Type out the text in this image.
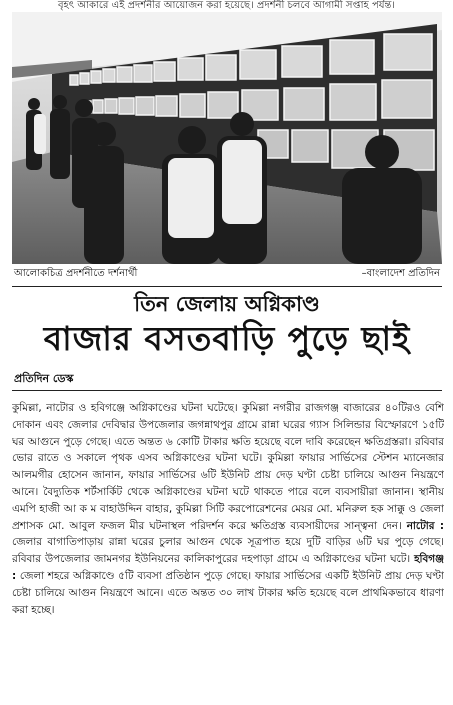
বৃহৎ আকারে এই প্রদর্শনীর আয়োজন করা হয়েছে। প্রদর্শনী চলবে আগামী সপ্তাহ পর্যন্ত।
আলোকচিত্র প্রদর্শনীতে দর্শনার্থী	–বাংলাদেশ প্রতিদিন
তিন জেলায় অগ্নিকাণ্ড
বাজার বসতবাড়ি পুড়ে ছাই
প্রতিদিন ডেস্ক

কুমিল্লা, নাটোর ও হবিগঞ্জে অগ্নিকাণ্ডের ঘটনা ঘটেছে। কুমিল্লা নগরীর রাজগঞ্জ বাজারের ৪০টিরও বেশি দোকান এবং জেলার দেবিদ্বার উপজেলার জগন্নাথপুর গ্রামে রান্না ঘরের গ্যাস সিলিন্ডার বিস্ফোরণে ১৫টি ঘর আগুনে পুড়ে গেছে। এতে অন্তত ৬ কোটি টাকার ক্ষতি হয়েছে বলে দাবি করেছেন ক্ষতিগ্রস্তরা। রবিবার ভোর রাতে ও সকালে পৃথক এসব অগ্নিকাণ্ডের ঘটনা ঘটে। কুমিল্লা ফায়ার সার্ভিসের স্টেশন ম্যানেজার আলমগীর হোসেন জানান, ফায়ার সার্ভিসের ৬টি ইউনিট প্রায় দেড় ঘণ্টা চেষ্টা চালিয়ে আগুন নিয়ন্ত্রণে আনে। বৈদ্যুতিক শর্টসার্কিট থেকে অগ্নিকাণ্ডের ঘটনা ঘটে থাকতে পারে বলে ব্যবসায়ীরা জানান। স্থানীয় এমপি হাজী আ ক ম বাহাউদ্দিন বাহার, কুমিল্লা সিটি করপোরেশনের মেয়র মো. মনিরুল হক সাক্কু ও জেলা প্রশাসক মো. আবুল ফজল মীর ঘটনাস্থল পরিদর্শন করে ক্ষতিগ্রস্ত ব্যবসায়ীদের সান্ত্বনা দেন। নাটোর : জেলার বাগাতিপাড়ায় রান্না ঘরের চুলার আগুন থেকে সূত্রপাত হয়ে দুটি বাড়ির ৬টি ঘর পুড়ে গেছে। রবিবার উপজেলার জামনগর ইউনিয়নের কালিকাপুরের দহপাড়া গ্রামে এ অগ্নিকাণ্ডের ঘটনা ঘটে। হবিগঞ্জ : জেলা শহরে অগ্নিকাণ্ডে ৫টি ব্যবসা প্রতিষ্ঠান পুড়ে গেছে। ফায়ার সার্ভিসের একটি ইউনিট প্রায় দেড় ঘণ্টা চেষ্টা চালিয়ে আগুন নিয়ন্ত্রণে আনে। এতে অন্তত ৩০ লাখ টাকার ক্ষতি হয়েছে বলে প্রাথমিকভাবে ধারণা করা হচ্ছে।
